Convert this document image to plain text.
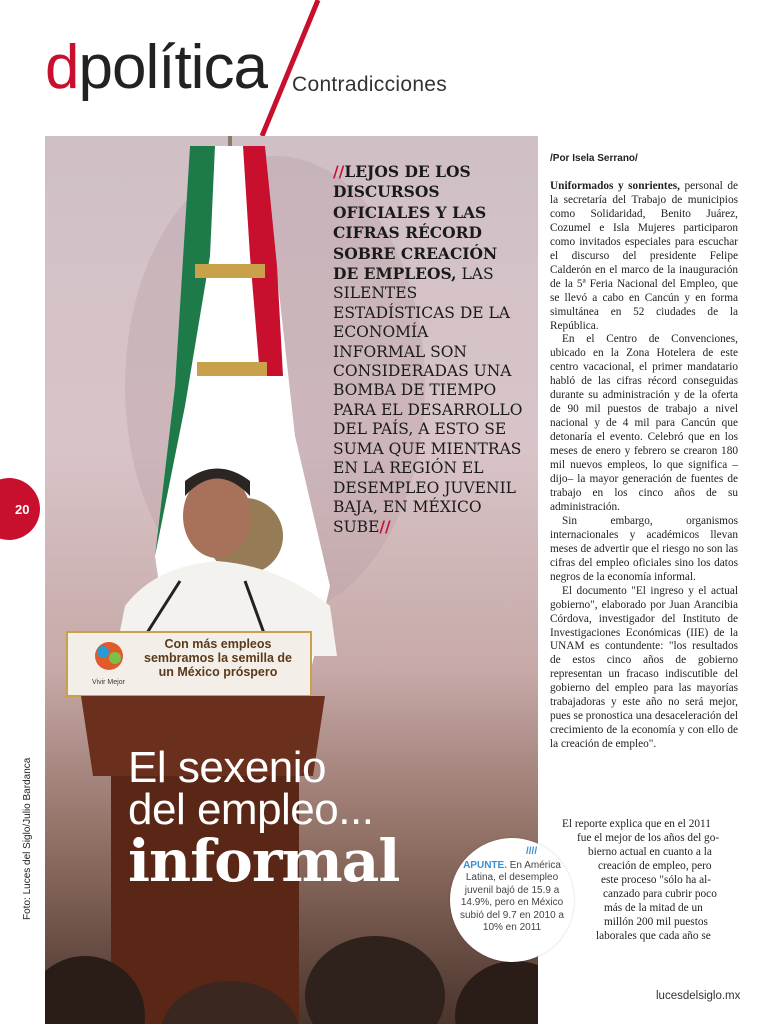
dpolítica Contradicciones
Con más empleos sembramos la semilla de un México próspero
Vivir Mejor
//LEJOS DE LOS DISCURSOS OFICIALES Y LAS CIFRAS RÉCORD SOBRE CREACIÓN DE EMPLEOS, LAS SILENTES ESTADÍSTICAS DE LA ECONOMÍA INFORMAL SON CONSIDERADAS UNA BOMBA DE TIEMPO PARA EL DESARROLLO DEL PAÍS, A ESTO SE SUMA QUE MIENTRAS EN LA REGIÓN EL DESEMPLEO JUVENIL BAJA, EN MÉXICO SUBE//
El sexenio
del empleo...
informal
Foto: Luces del Siglo/Julio Bardanca
20
/Por Isela Serrano/

Uniformados y sonrientes, personal de la secretaría del Trabajo de municipios como Solidaridad, Benito Juárez, Cozumel e Isla Mujeres participaron como invitados especiales para escuchar el discurso del presidente Felipe Calderón en el marco de la inauguración de la 5ª Feria Nacional del Empleo, que se llevó a cabo en Cancún y en forma simultánea en 52 ciudades de la República.

En el Centro de Convenciones, ubicado en la Zona Hotelera de este centro vacacional, el primer mandatario habló de las cifras récord conseguidas durante su administración y de la oferta de 90 mil puestos de trabajo a nivel nacional y de 4 mil para Cancún que detonaría el evento. Celebró que en los meses de enero y febrero se crearon 180 mil nuevos empleos, lo que significa –dijo– la mayor generación de fuentes de trabajo en los cinco años de su administración.

Sin embargo, organismos internacionales y académicos llevan meses de advertir que el riesgo no son las cifras del empleo oficiales sino los datos negros de la economía informal.

El documento "El ingreso y el actual gobierno", elaborado por Juan Arancibia Córdova, investigador del Instituto de Investigaciones Económicas (IIE) de la UNAM es contundente: "los resultados de estos cinco años de gobierno representan un fracaso indiscutible del gobierno del empleo para las mayorías trabajadoras y este año no será mejor, pues se pronostica una desaceleración del crecimiento de la economía y con ello de la creación de empleo".

El reporte explica que en el 2011
fue el mejor de los años del go-
bierno actual en cuanto a la
creación de empleo, pero
este proceso "sólo ha al-
canzado para cubrir poco
más de la mitad de un
millón 200 mil puestos
laborales que cada año se
////
APUNTE. En América Latina, el desempleo juvenil bajó de 15.9 a 14.9%, pero en México subió del 9.7 en 2010 a 10% en 2011
lucesdelsiglo.mx
